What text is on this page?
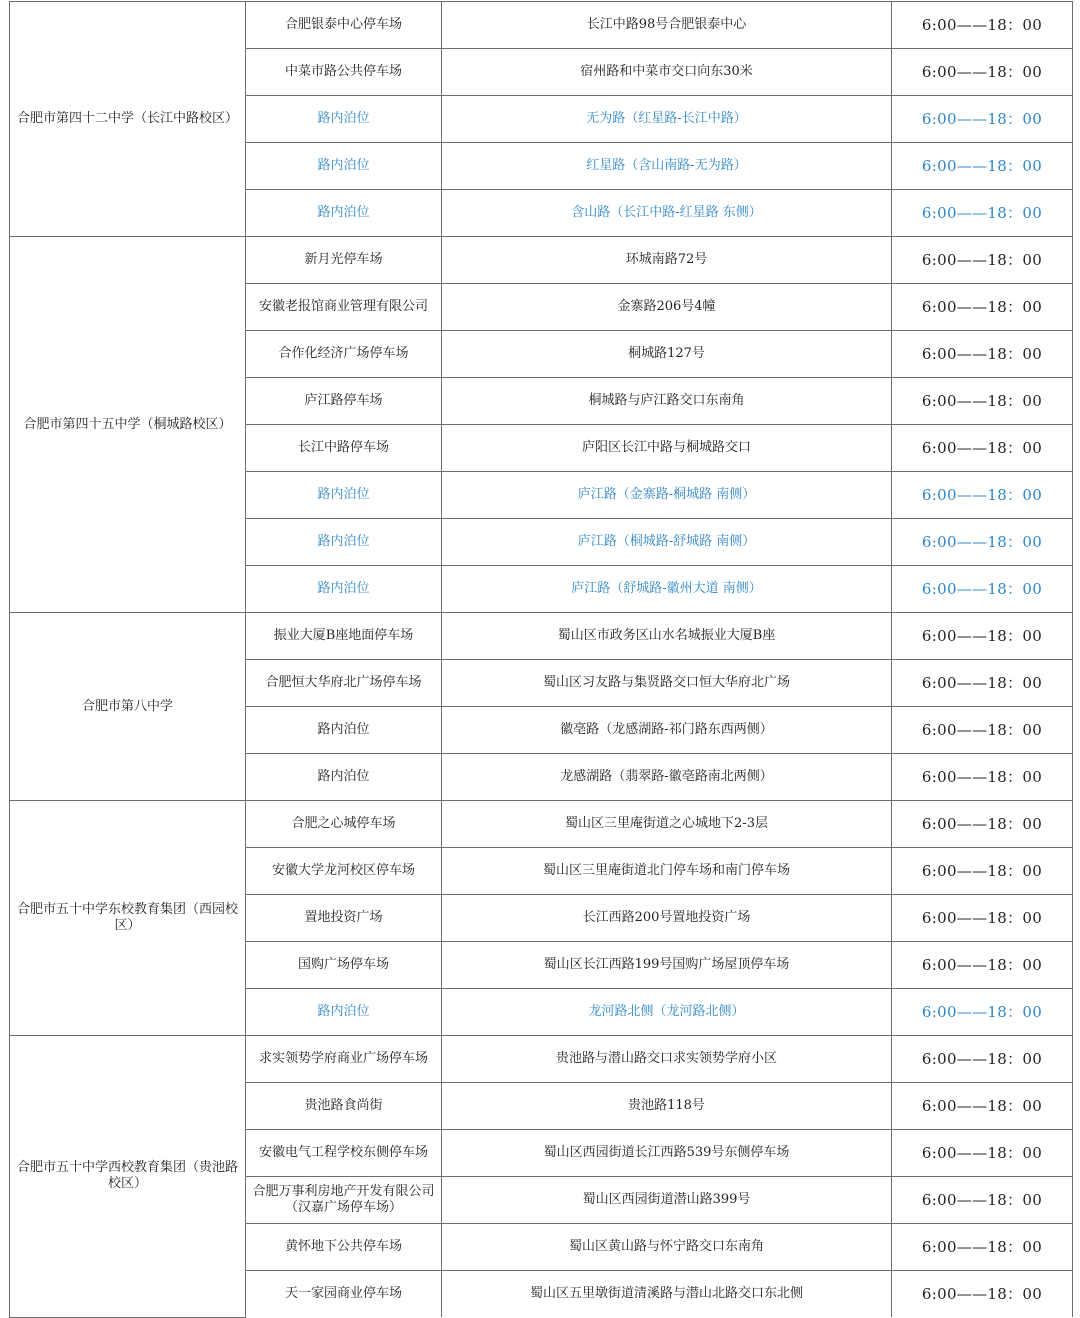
合肥市第四十二中学（长江中路校区）	合肥银泰中心停车场	长江中路98号合肥银泰中心	6:00——18：00
	中菜市路公共停车场	宿州路和中菜市交口向东30米	6:00——18：00
	路内泊位	无为路（红星路-长江中路）	6:00——18：00
	路内泊位	红星路（含山南路-无为路）	6:00——18：00
	路内泊位	含山路（长江中路-红星路 东侧）	6:00——18：00
合肥市第四十五中学（桐城路校区）	新月光停车场	环城南路72号	6:00——18：00
	安徽老报馆商业管理有限公司	金寨路206号4幢	6:00——18：00
	合作化经济广场停车场	桐城路127号	6:00——18：00
	庐江路停车场	桐城路与庐江路交口东南角	6:00——18：00
	长江中路停车场	庐阳区长江中路与桐城路交口	6:00——18：00
	路内泊位	庐江路（金寨路-桐城路 南侧）	6:00——18：00
	路内泊位	庐江路（桐城路-舒城路 南侧）	6:00——18：00
	路内泊位	庐江路（舒城路-徽州大道 南侧）	6:00——18：00
合肥市第八中学	振业大厦B座地面停车场	蜀山区市政务区山水名城振业大厦B座	6:00——18：00
	合肥恒大华府北广场停车场	蜀山区习友路与集贤路交口恒大华府北广场	6:00——18：00
	路内泊位	徽亳路（龙感湖路-祁门路东西两侧）	6:00——18：00
	路内泊位	龙感湖路（翡翠路-徽亳路南北两侧）	6:00——18：00
合肥市五十中学东校教育集团（西园校区）	合肥之心城停车场	蜀山区三里庵街道之心城地下2-3层	6:00——18：00
	安徽大学龙河校区停车场	蜀山区三里庵街道北门停车场和南门停车场	6:00——18：00
	置地投资广场	长江西路200号置地投资广场	6:00——18：00
	国购广场停车场	蜀山区长江西路199号国购广场屋顶停车场	6:00——18：00
	路内泊位	龙河路北侧（龙河路北侧）	6:00——18：00
合肥市五十中学西校教育集团（贵池路校区）	求实领势学府商业广场停车场	贵池路与潜山路交口求实领势学府小区	6:00——18：00
	贵池路食尚街	贵池路118号	6:00——18：00
	安徽电气工程学校东侧停车场	蜀山区西园街道长江西路539号东侧停车场	6:00——18：00
	合肥万事利房地产开发有限公司（汉嘉广场停车场）	蜀山区西园街道潜山路399号	6:00——18：00
	黄怀地下公共停车场	蜀山区黄山路与怀宁路交口东南角	6:00——18：00
	天一家园商业停车场	蜀山区五里墩街道清溪路与潜山北路交口东北侧	6:00——18：00
